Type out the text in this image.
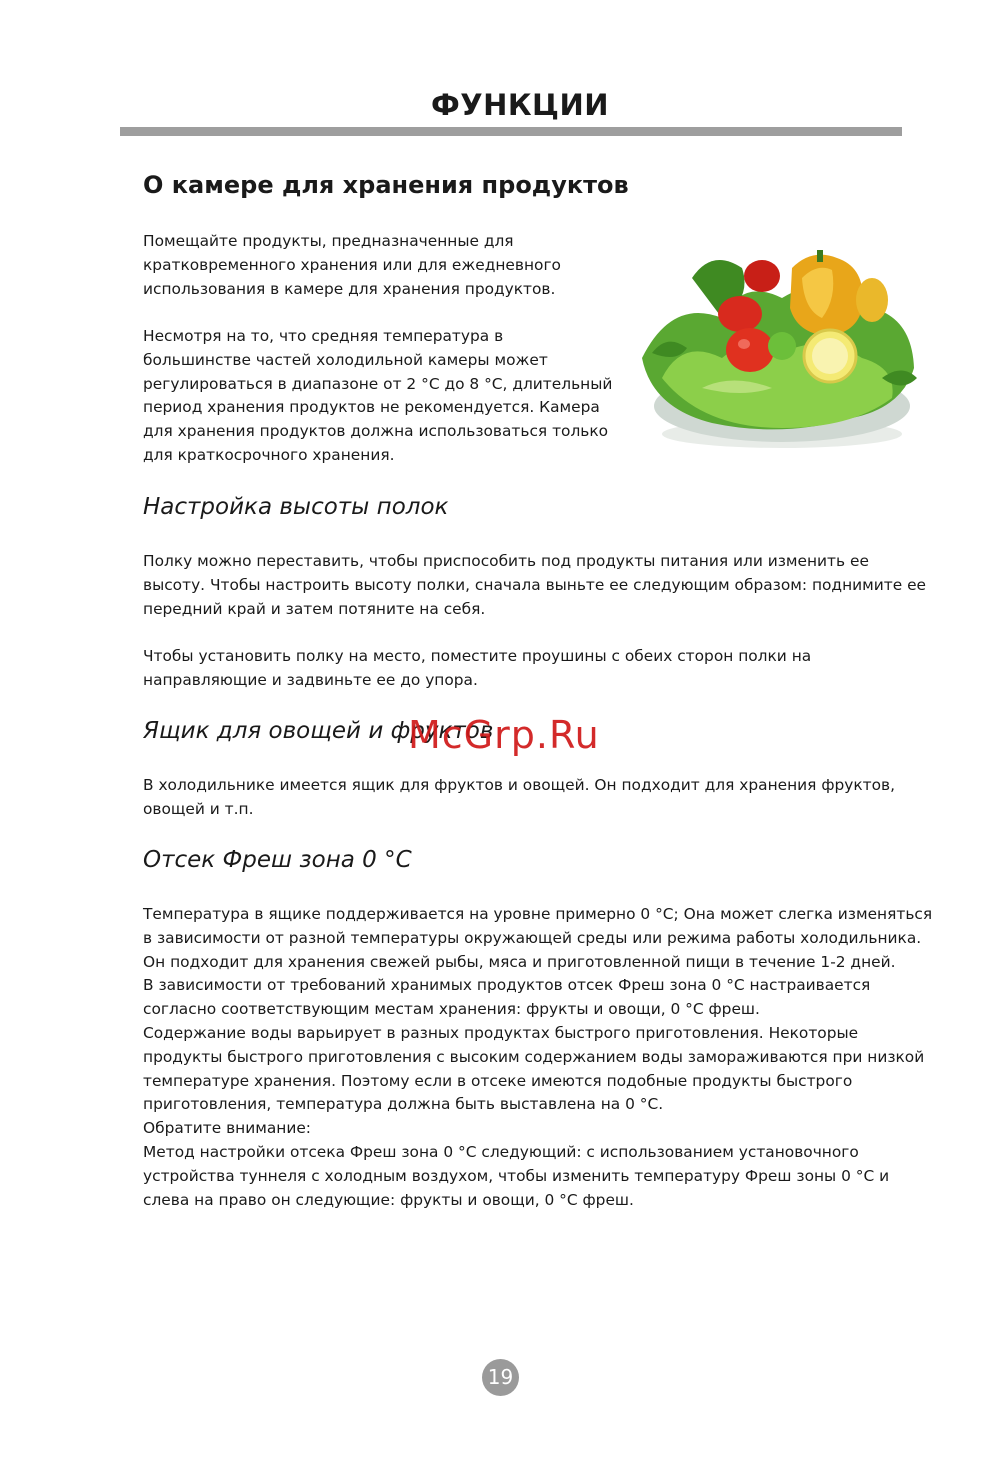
ФУНКЦИИ
О камере для хранения продуктов

Помещайте продукты, предназначенные для кратковременного хранения или для ежедневного использования в камере для хранения продуктов.

Несмотря на то, что средняя температура в большинстве частей холодильной камеры может регулироваться в диапазоне от 2 °C до 8 °C, длительный период хранения продуктов не рекомендуется. Камера для хранения продуктов должна использоваться только для краткосрочного хранения.

Настройка высоты полок

Полку можно переставить, чтобы приспособить под продукты питания или изменить ее высоту. Чтобы настроить высоту полки, сначала выньте ее следующим образом: поднимите ее передний край и затем потяните на себя.

Чтобы установить полку на место, поместите проушины с обеих сторон полки на направляющие и задвиньте ее до упора.

Ящик для овощей и фруктов

В холодильнике имеется ящик для фруктов и овощей. Он подходит для хранения фруктов, овощей и т.п.

McGrp.Ru
Отсек Фреш зона 0 °C
Температура в ящике поддерживается на уровне примерно 0 °C; Она может слегка изменяться в зависимости от разной температуры окружающей среды или режима работы холодильника. Он подходит для хранения свежей рыбы, мяса и приготовленной пищи в течение 1-2 дней.
В зависимости от требований хранимых продуктов отсек Фреш зона 0 °C настраивается согласно соответствующим местам хранения: фрукты и овощи, 0 °C фреш.
Содержание воды варьирует в разных продуктах быстрого приготовления. Некоторые продукты быстрого приготовления с высоким содержанием воды замораживаются при низкой температуре хранения. Поэтому если в отсеке имеются подобные продукты быстрого приготовления, температура должна быть выставлена на 0 °C.
Обратите внимание:
Метод настройки отсека Фреш зона 0 °C следующий: с использованием установочного устройства туннеля с холодным воздухом, чтобы изменить температуру Фреш зоны 0 °C и слева на право он следующие: фрукты и овощи, 0 °C фреш.
19
